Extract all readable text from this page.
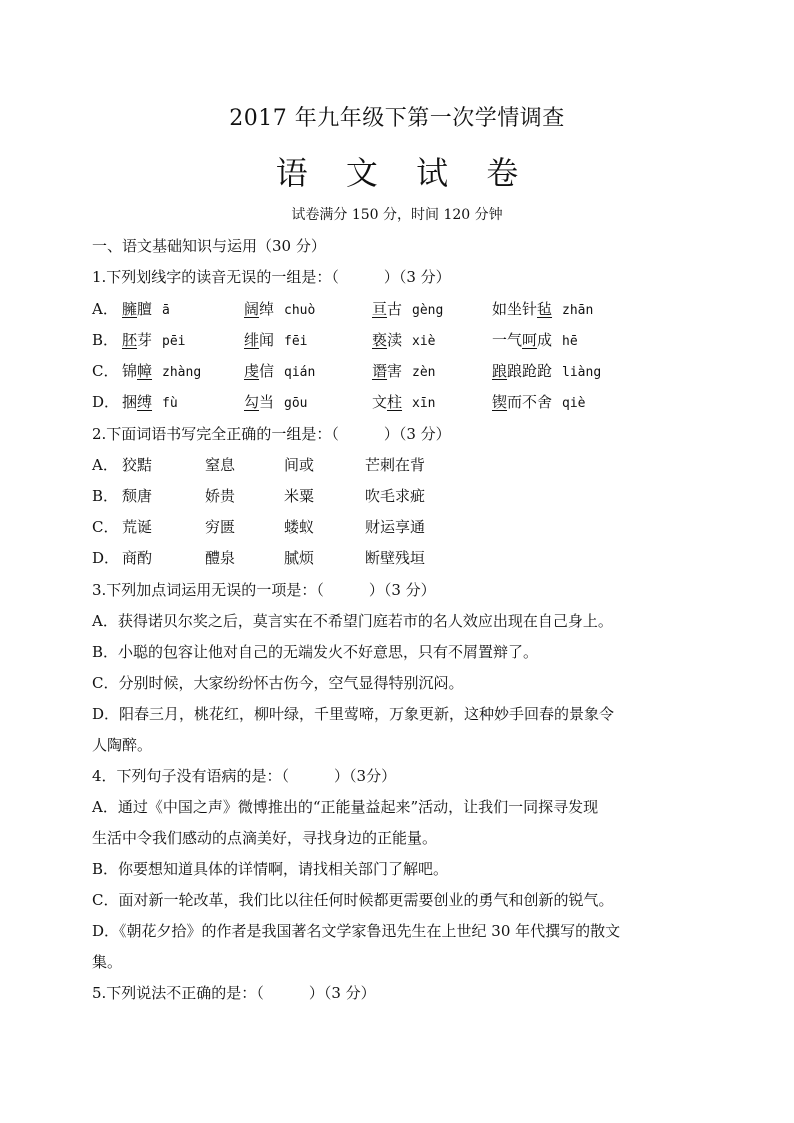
2017 年九年级下第一次学情调查
语 文 试 卷
试卷满分 150 分，时间 120 分钟
一、语文基础知识与运用（30 分）
1.下列划线字的读音无误的一组是：（　　　）（3 分）
A． 臃膻 ā	阔绰 chuò	亘古 gèng	如坐针毡 zhān
B． 胚芽 pēi	绯闻 fēi	亵渎 xiè	一气呵成 hē
C． 锦幛 zhàng	虔信 qián	谮害 zèn	踉踉跄跄 liàng
D． 捆缚 fù	勾当 gōu	文柱 xīn	锲而不舍 qiè
2.下面词语书写完全正确的一组是：（　　　）（3 分）
A． 狡黠	窒息	间或	芒刺在背
B． 颓唐	娇贵	米粟	吹毛求疵
C． 荒诞	穷匮	蝼蚁	财运享通
D． 商酌	醴泉	腻烦	断壁残垣
3.下列加点词运用无误的一项是：（　　　）（3 分）
A．获得诺贝尔奖之后，莫言实在不希望门庭若市的名人效应出现在自己身上。
B．小聪的包容让他对自己的无端发火不好意思，只有不屑置辩了。
C．分别时候，大家纷纷怀古伤今，空气显得特别沉闷。
D．阳春三月，桃花红，柳叶绿，千里莺啼，万象更新，这种妙手回春的景象令
人陶醉。
4．下列句子没有语病的是：（　　　）（3分）
A．通过《中国之声》微博推出的“正能量益起来”活动，让我们一同探寻发现
生活中令我们感动的点滴美好，寻找身边的正能量。
B．你要想知道具体的详情啊，请找相关部门了解吧。
C．面对新一轮改革，我们比以往任何时候都更需要创业的勇气和创新的锐气。
D．《朝花夕拾》的作者是我国著名文学家鲁迅先生在上世纪 30 年代撰写的散文
集。
5.下列说法不正确的是：（　　　）（3 分）
